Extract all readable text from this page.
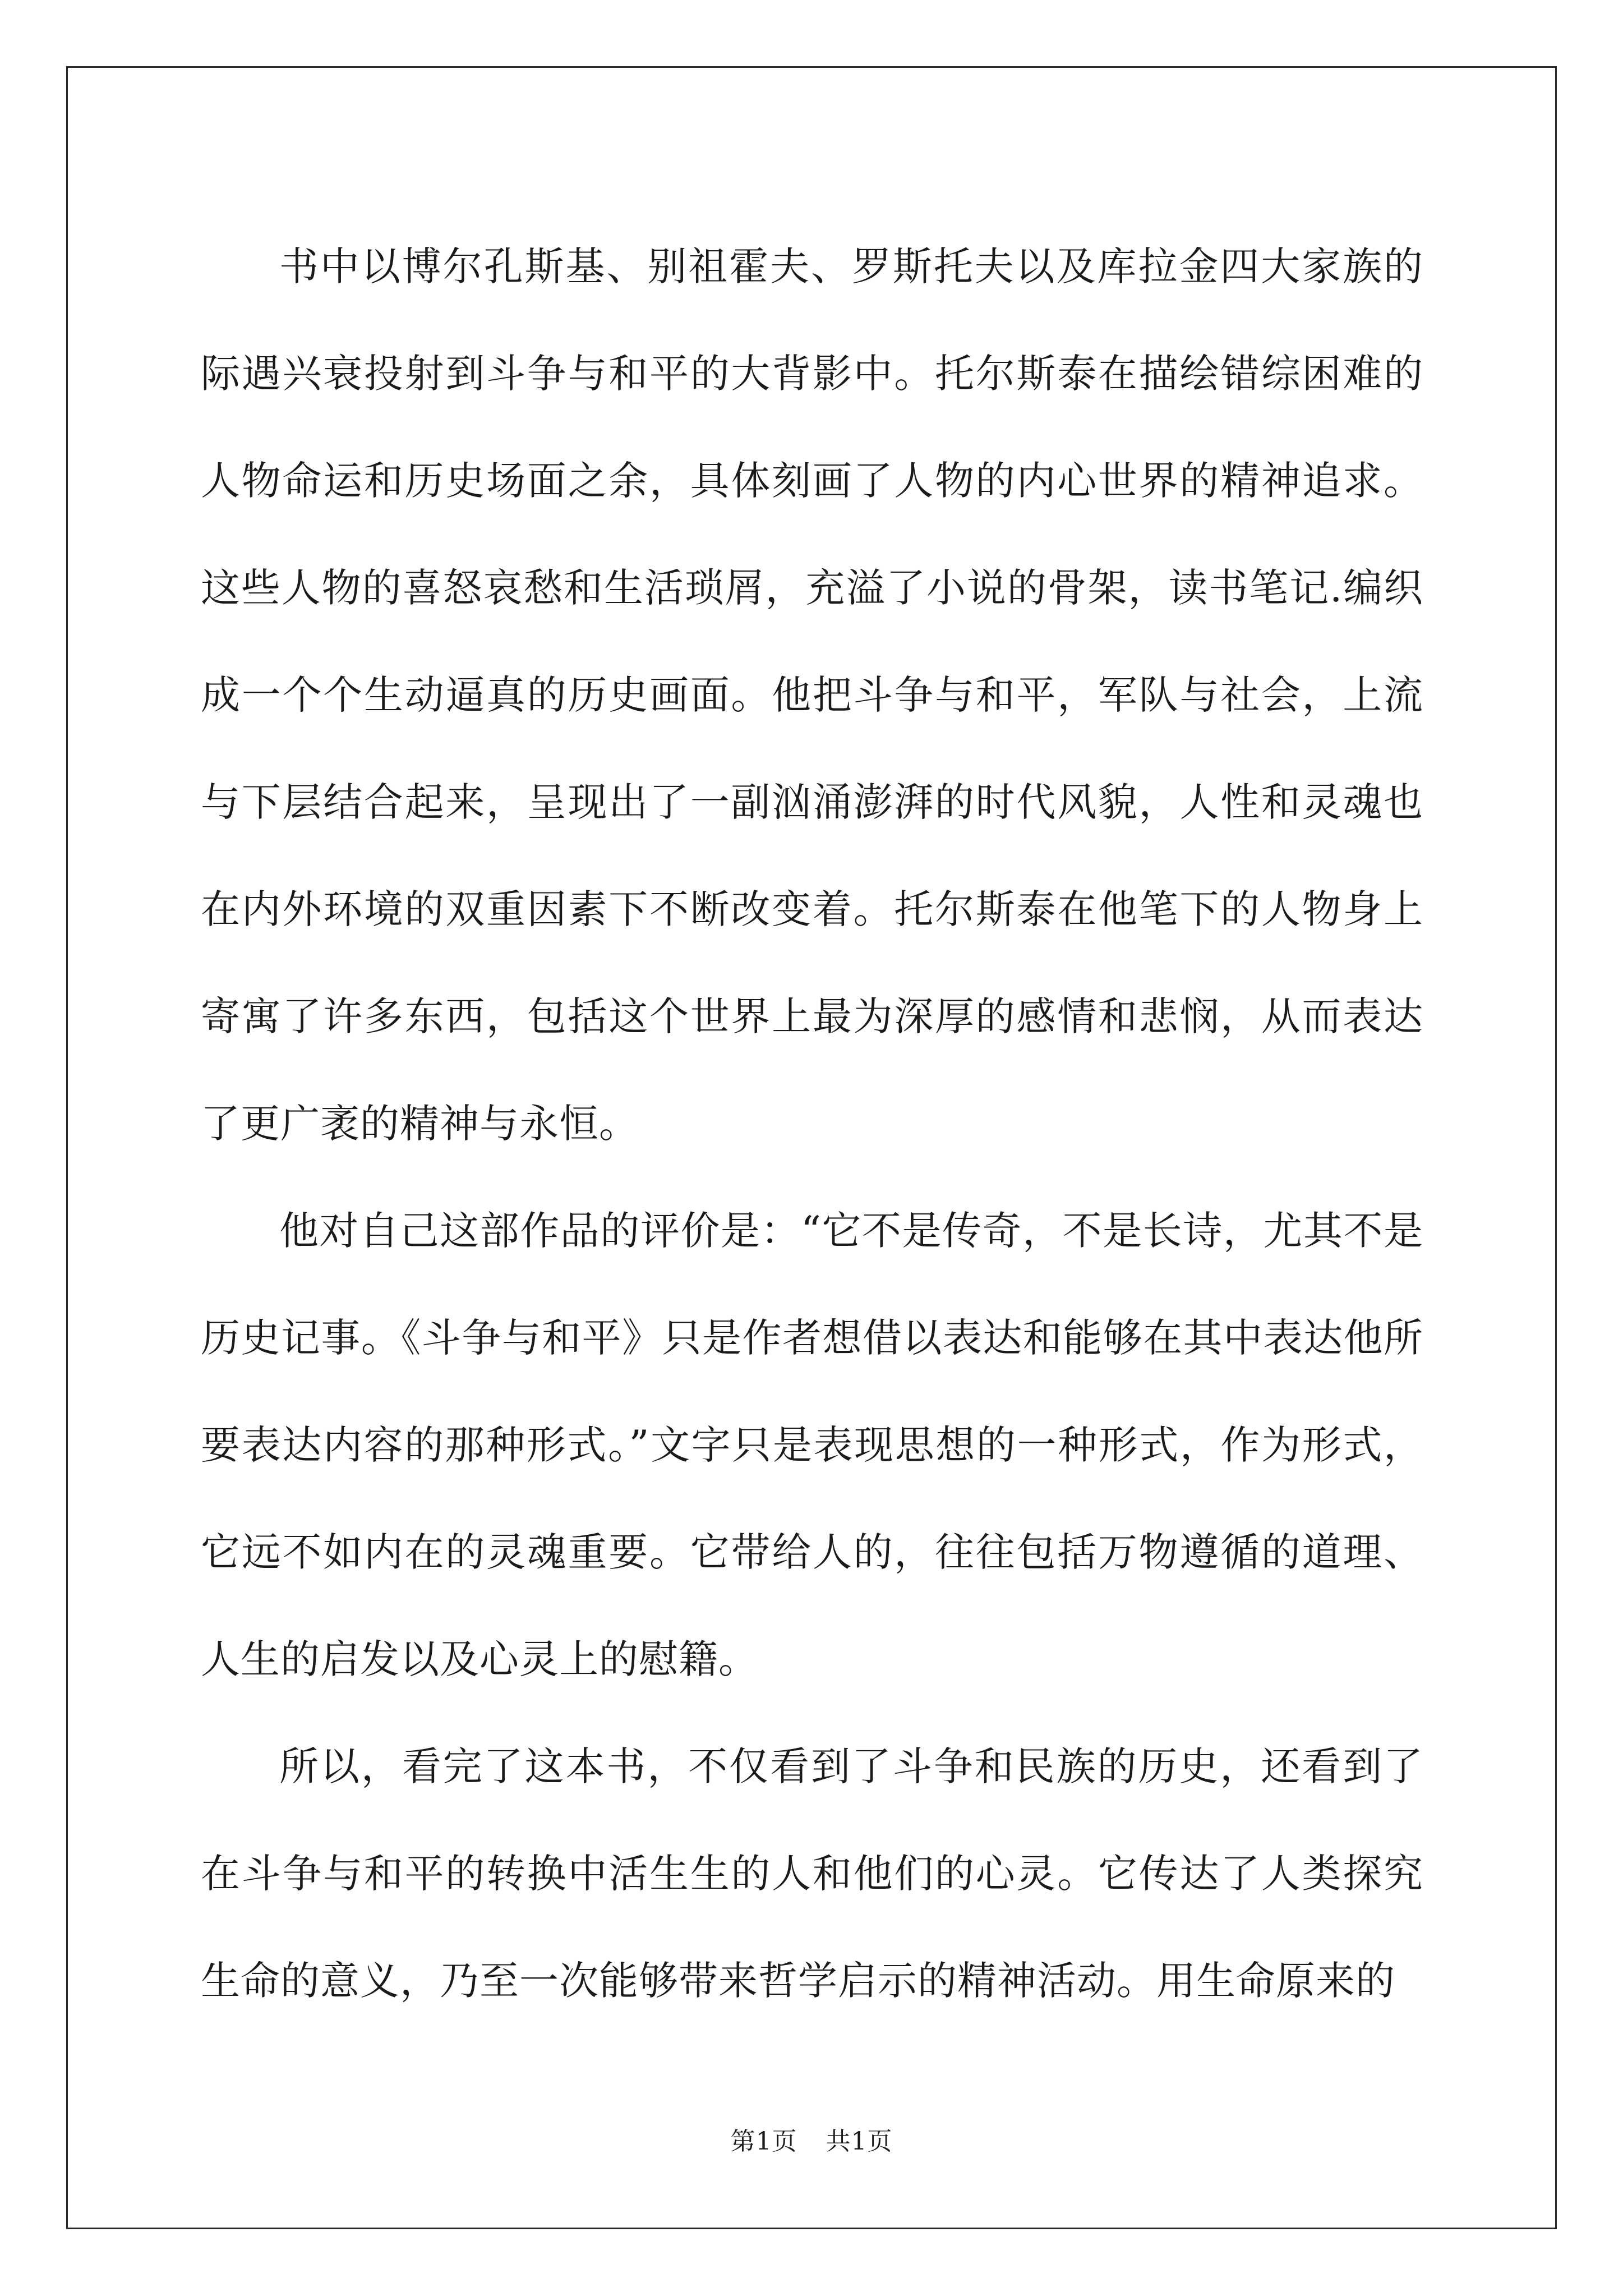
书中以博尔孔斯基、别祖霍夫、罗斯托夫以及库拉金四大家族的际遇兴衰投射到斗争与和平的大背影中。托尔斯泰在描绘错综困难的人物命运和历史场面之余，具体刻画了人物的内心世界的精神追求。这些人物的喜怒哀愁和生活琐屑，充溢了小说的骨架，读书笔记.编织成一个个生动逼真的历史画面。他把斗争与和平，军队与社会，上流与下层结合起来，呈现出了一副汹涌澎湃的时代风貌，人性和灵魂也在内外环境的双重因素下不断改变着。托尔斯泰在他笔下的人物身上寄寓了许多东西，包括这个世界上最为深厚的感情和悲悯，从而表达了更广袤的精神与永恒。

他对自己这部作品的评价是：“它不是传奇，不是长诗，尤其不是历史记事。《斗争与和平》只是作者想借以表达和能够在其中表达他所要表达内容的那种形式。”文字只是表现思想的一种形式，作为形式，它远不如内在的灵魂重要。它带给人的，往往包括万物遵循的道理、人生的启发以及心灵上的慰籍。

所以，看完了这本书，不仅看到了斗争和民族的历史，还看到了在斗争与和平的转换中活生生的人和他们的心灵。它传达了人类探究生命的意义，乃至一次能够带来哲学启示的精神活动。用生命原来的

第1页 共1页
